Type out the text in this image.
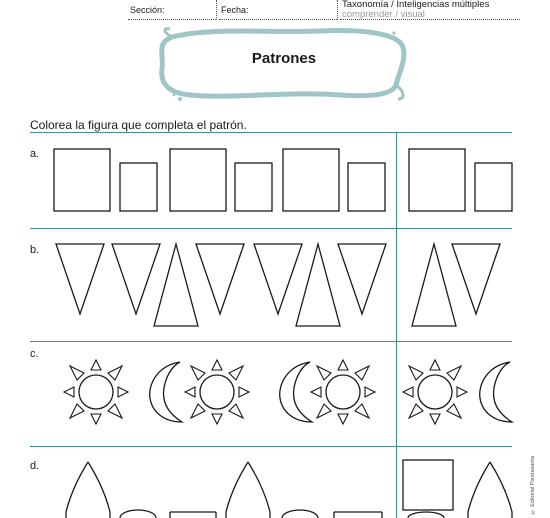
Sección:	Fecha:	Taxonomía / Inteligencias múltiples
comprender / visual
Patrones
Colorea la figura que completa el patrón.
a.
b.
c.
d.	© Editorial Piedrasanta
